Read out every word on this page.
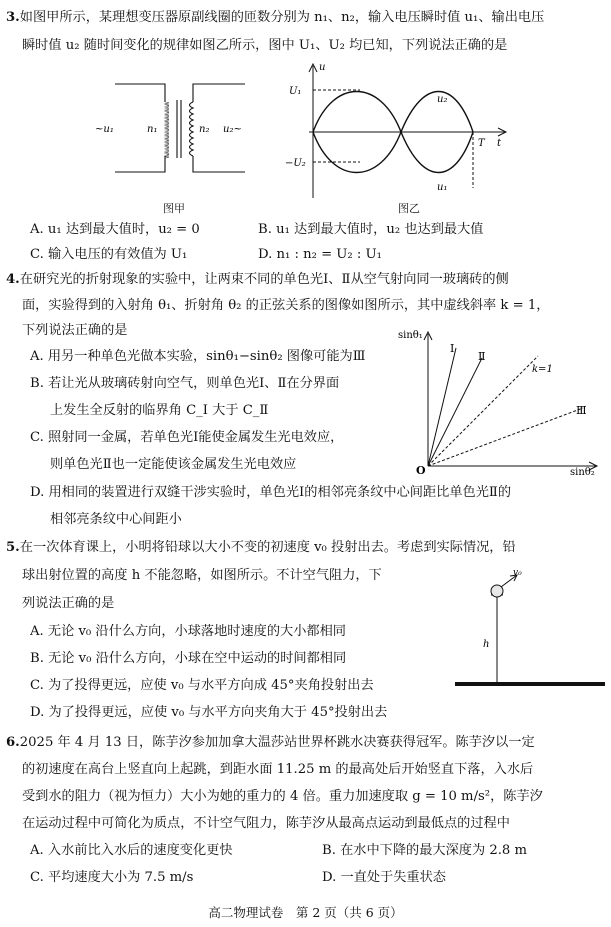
3.如图甲所示，某理想变压器原副线圈的匝数分别为 n₁、n₂，输入电压瞬时值 u₁、输出电压
瞬时值 u₂ 随时间变化的规律如图乙所示，图中 U₁、U₂ 均已知，下列说法正确的是
~u₁	n₁	n₂ u₂~
图甲
U₁
−U₂
u
u₂
u₁
T t
图乙
A. u₁ 达到最大值时，u₂ = 0	B. u₁ 达到最大值时，u₂ 也达到最大值
C. 输入电压的有效值为 U₁	D. n₁ : n₂ = U₂ : U₁
4.在研究光的折射现象的实验中，让两束不同的单色光Ⅰ、Ⅱ从空气射向同一玻璃砖的侧
面，实验得到的入射角 θ₁、折射角 θ₂ 的正弦关系的图像如图所示，其中虚线斜率 k = 1，
下列说法正确的是
A. 用另一种单色光做本实验，sinθ₁−sinθ₂ 图像可能为Ⅲ
B. 若让光从玻璃砖射向空气，则单色光Ⅰ、Ⅱ在分界面
上发生全反射的临界角 C_Ⅰ 大于 C_Ⅱ
C. 照射同一金属，若单色光Ⅰ能使金属发生光电效应，
则单色光Ⅱ也一定能使该金属发生光电效应
D. 用相同的装置进行双缝干涉实验时，单色光Ⅰ的相邻亮条纹中心间距比单色光Ⅱ的
相邻亮条纹中心间距小
sinθ₁
sinθ₂
O
Ⅰ
Ⅱ
k=1
Ⅲ
5.在一次体育课上，小明将铅球以大小不变的初速度 v₀ 投射出去。考虑到实际情况，铅
球出射位置的高度 h 不能忽略，如图所示。不计空气阻力，下
列说法正确的是
A. 无论 v₀ 沿什么方向，小球落地时速度的大小都相同
B. 无论 v₀ 沿什么方向，小球在空中运动的时间都相同
C. 为了投得更远，应使 v₀ 与水平方向成 45°夹角投射出去
D. 为了投得更远，应使 v₀ 与水平方向夹角大于 45°投射出去
v₀
h
6.2025 年 4 月 13 日，陈芋汐参加加拿大温莎站世界杯跳水决赛获得冠军。陈芋汐以一定
的初速度在高台上竖直向上起跳，到距水面 11.25 m 的最高处后开始竖直下落，入水后
受到水的阻力（视为恒力）大小为她的重力的 4 倍。重力加速度取 g = 10 m/s²，陈芋汐
在运动过程中可简化为质点，不计空气阻力，陈芋汐从最高点运动到最低点的过程中
A. 入水前比入水后的速度变化更快	B. 在水中下降的最大深度为 2.8 m
C. 平均速度大小为 7.5 m/s	D. 一直处于失重状态
高二物理试卷　第 2 页（共 6 页）
